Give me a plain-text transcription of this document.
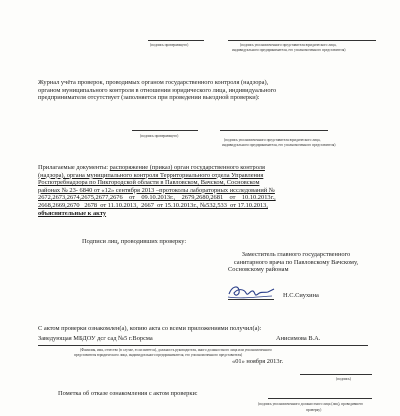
(подпись проверяющего)	(подпись уполномоченного представителя юридического лица,
индивидуального предпринимателя, его уполномоченного представителя)
Журнал учёта проверок, проводимых органом государственного контроля (надзора),
органом муниципального контроля в отношении юридического лица, индивидуального
предпринимателя отсутствует (заполняется при проведении выездной проверки):
(подпись проверяющего)
(подпись уполномоченного представителя юридического лица,
индивидуального предпринимателя, его уполномоченного представителя)
Прилагаемые документы: распоряжение (приказ) орган государственного контроля
(надзора), органа муниципального контроля Территориального отдела Управления
Роспотребнадзора по Пикгородской области в Павловском, Вачском, Сосновском
районах № 23- 6840 от «12» сентября 2013 –протоколы лабораторных исследований №
2672,2673,2674,2675,2677,2676    от    09.10.2013г.,    2679,2680,2681    от    10.10.2013г.,
2668,2669,2670   2678  от 11.10.2013,  2667  от 15.10.2013г., №532,533  от 17.10.2013,
объяснительные к акту
Подписи лиц, проводивших проверку:
Заместитель главного государственного
санитарного врача по Павловскому Вачскому,
Сосновскому районам
Н.С.Сиухина
С актом проверки ознакомлен(а), копию акта со всеми приложениями получил(а):
Заведующая МБДОУ дсг сад №5 г.Ворсма	Анисимова В.А.
(Фамилия, имя, отчество (в случае, если имеется), должность руководителя, иного должностного лица или уполномоченного
представителя юридического лица, индивидуального предпринимателя, его уполномоченного представителя)
«01» ноября 2013г.
(подпись)
Пометка об отказе ознакомления с актом проверки:
(подпись уполномоченного должностного лица (лиц), проводившего
проверку)
